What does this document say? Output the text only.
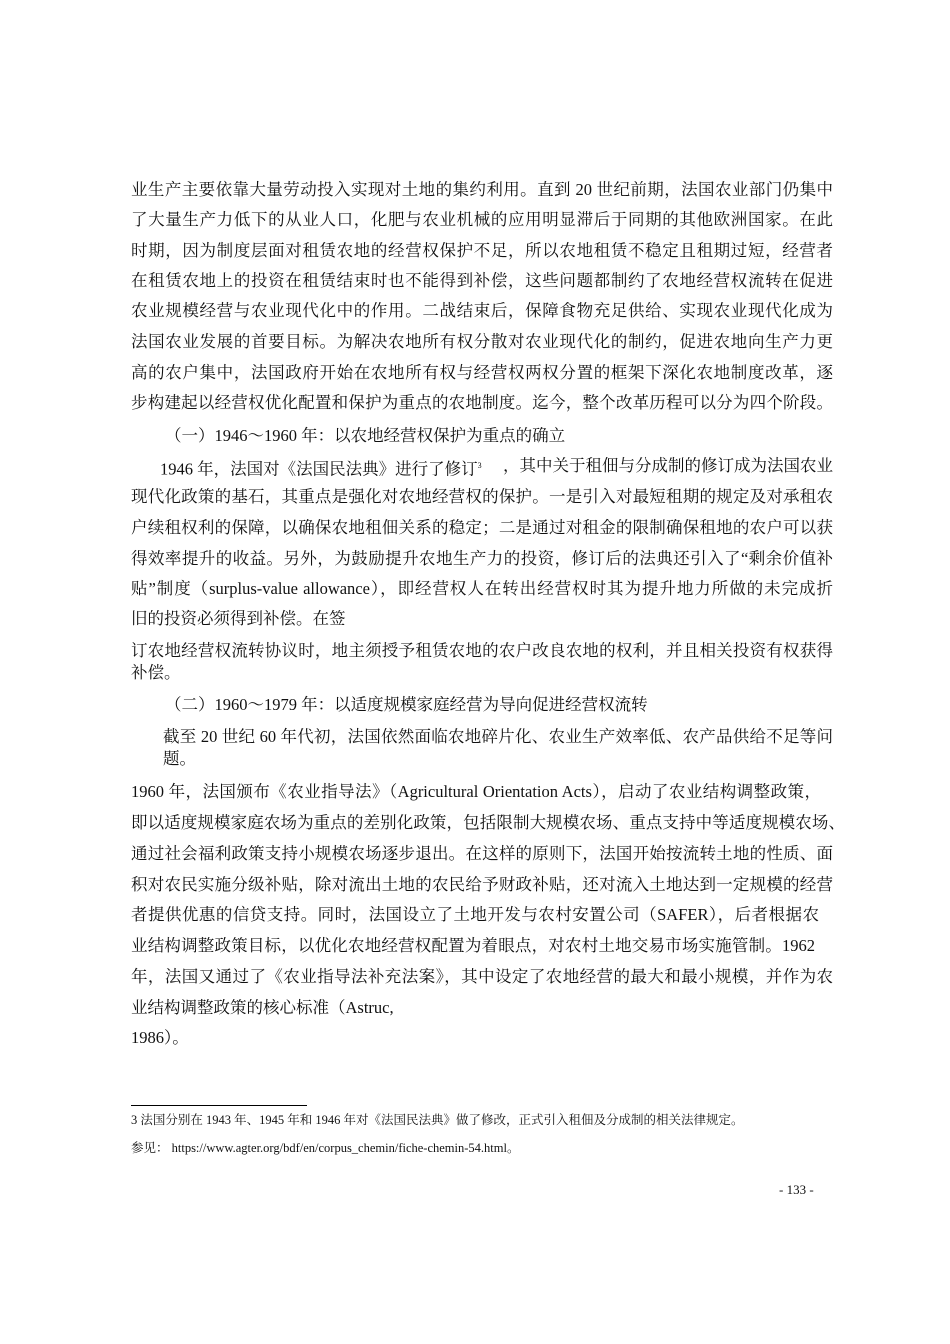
业生产主要依靠大量劳动投入实现对土地的集约利用。直到 20 世纪前期，法国农业部门仍集中
了大量生产力低下的从业人口，化肥与农业机械的应用明显滞后于同期的其他欧洲国家。在此
时期，因为制度层面对租赁农地的经营权保护不足，所以农地租赁不稳定且租期过短，经营者
在租赁农地上的投资在租赁结束时也不能得到补偿，这些问题都制约了农地经营权流转在促进
农业规模经营与农业现代化中的作用。二战结束后，保障食物充足供给、实现农业现代化成为
法国农业发展的首要目标。为解决农地所有权分散对农业现代化的制约，促进农地向生产力更
高的农户集中，法国政府开始在农地所有权与经营权两权分置的框架下深化农地制度改革，逐
步构建起以经营权优化配置和保护为重点的农地制度。迄今，整个改革历程可以分为四个阶段。
（一）1946～1960 年：以农地经营权保护为重点的确立
1946 年，法国对《法国民法典》进行了修订$^3$ ，其中关于租佃与分成制的修订成为法国农业
现代化政策的基石，其重点是强化对农地经营权的保护。一是引入对最短租期的规定及对承租农
户续租权利的保障，以确保农地租佃关系的稳定；二是通过对租金的限制确保租地的农户可以获
得效率提升的收益。另外，为鼓励提升农地生产力的投资，修订后的法典还引入了“剩余价值补
贴”制度（surplus-value allowance），即经营权人在转出经营权时其为提升地力所做的未完成折
旧的投资必须得到补偿。在签
订农地经营权流转协议时，地主须授予租赁农地的农户改良农地的权利，并且相关投资有权获得
补偿。
（二）1960～1979 年：以适度规模家庭经营为导向促进经营权流转
截至 20 世纪 60 年代初，法国依然面临农地碎片化、农业生产效率低、农产品供给不足等问
题。
1960 年，法国颁布《农业指导法》（Agricultural Orientation Acts），启动了农业结构调整政策，
即以适度规模家庭农场为重点的差别化政策，包括限制大规模农场、重点支持中等适度规模农场、
通过社会福利政策支持小规模农场逐步退出。在这样的原则下，法国开始按流转土地的性质、面
积对农民实施分级补贴，除对流出土地的农民给予财政补贴，还对流入土地达到一定规模的经营
者提供优惠的信贷支持。同时，法国设立了土地开发与农村安置公司（SAFER），后者根据农
业结构调整政策目标，以优化农地经营权配置为着眼点，对农村土地交易市场实施管制。1962
年，法国又通过了《农业指导法补充法案》，其中设定了农地经营的最大和最小规模，并作为农
业结构调整政策的核心标准（Astruc,
1986）。
3 法国分别在 1943 年、1945 年和 1946 年对《法国民法典》做了修改，正式引入租佃及分成制的相关法律规定。
参见： https://www.agter.org/bdf/en/corpus_chemin/fiche-chemin-54.html。
- 133 -
